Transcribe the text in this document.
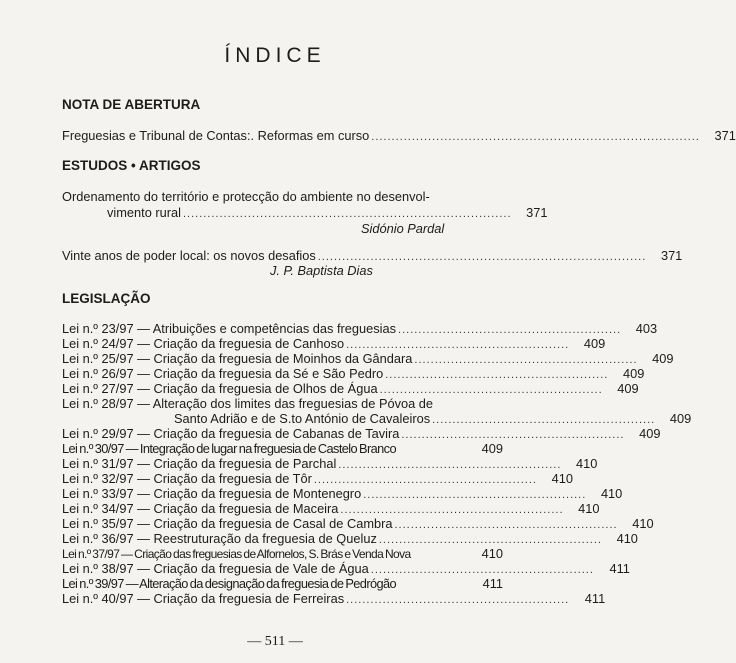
ÍNDICE
NOTA DE ABERTURA
Freguesias e Tribunal de Contas:. Reformas em curso ................................................................................. 371
ESTUDOS • ARTIGOS
Ordenamento do território e protecção do ambiente no desenvol-
vimento rural ................................................................................. 371
Sidónio Pardal
Vinte anos de poder local: os novos desafios ................................................................................. 371
J. P. Baptista Dias
LEGISLAÇÃO
Lei n.º 23/97 — Atribuições e competências das freguesias ....................................................... 403
Lei n.º 24/97 — Criação da freguesia de Canhoso ....................................................... 409
Lei n.º 25/97 — Criação da freguesia de Moinhos da Gândara ....................................................... 409
Lei n.º 26/97 — Criação da freguesia da Sé e São Pedro ....................................................... 409
Lei n.º 27/97 — Criação da freguesia de Olhos de Água ....................................................... 409
Lei n.º 28/97 — Alteração dos limites das freguesias de Póvoa de
Santo Adrião e de S.to António de Cavaleiros ....................................................... 409
Lei n.º 29/97 — Criação da freguesia de Cabanas de Tavira ....................................................... 409
Lei n.º 30/97 — Integração de lugar na freguesia de Castelo Branco	409
Lei n.º 31/97 — Criação da freguesia de Parchal ....................................................... 410
Lei n.º 32/97 — Criação da freguesia de Tôr ....................................................... 410
Lei n.º 33/97 — Criação da freguesia de Montenegro ....................................................... 410
Lei n.º 34/97 — Criação da freguesia de Maceira ....................................................... 410
Lei n.º 35/97 — Criação da freguesia de Casal de Cambra ....................................................... 410
Lei n.º 36/97 — Reestruturação da freguesia de Queluz ....................................................... 410
Lei n.º 37/97 — Criação das freguesias de Alfornelos, S. Brás e Venda Nova	410
Lei n.º 38/97 — Criação da freguesia de Vale de Água ....................................................... 411
Lei n.º 39/97 — Alteração da designação da freguesia de Pedrógão	411
Lei n.º 40/97 — Criação da freguesia de Ferreiras ....................................................... 411
— 511 —
